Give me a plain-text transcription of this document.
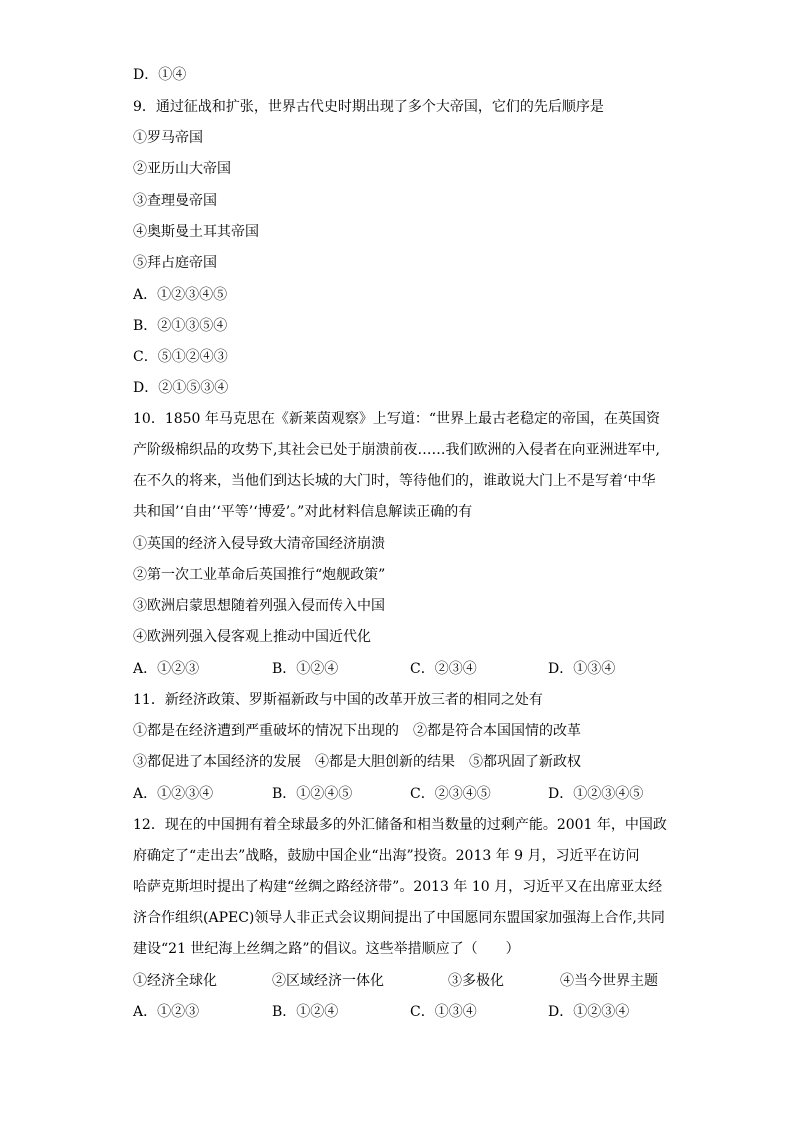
D．①④
9．通过征战和扩张，世界古代史时期出现了多个大帝国，它们的先后顺序是
①罗马帝国
②亚历山大帝国
③查理曼帝国
④奥斯曼土耳其帝国
⑤拜占庭帝国
A．①②③④⑤
B．②①③⑤④
C．⑤①②④③
D．②①⑤③④
10．1850 年马克思在《新莱茵观察》上写道：“世界上最古老稳定的帝国，在英国资
产阶级棉织品的攻势下,其社会已处于崩溃前夜……我们欧洲的入侵者在向亚洲进军中,
在不久的将来，当他们到达长城的大门时，等待他们的，谁敢说大门上不是写着‘中华
共和国’‘自由’‘平等’‘博爱’。”对此材料信息解读正确的有
①英国的经济入侵导致大清帝国经济崩溃
②第一次工业革命后英国推行“炮舰政策”
③欧洲启蒙思想随着列强入侵而传入中国
④欧洲列强入侵客观上推动中国近代化
A．①②③	B．①②④	C．②③④	D．①③④
11．新经济政策、罗斯福新政与中国的改革开放三者的相同之处有
①都是在经济遭到严重破坏的情况下出现的　②都是符合本国国情的改革
③都促进了本国经济的发展　④都是大胆创新的结果　⑤都巩固了新政权
A．①②③④	B．①②④⑤	C．②③④⑤	D．①②③④⑤
12．现在的中国拥有着全球最多的外汇储备和相当数量的过剩产能。2001 年，中国政
府确定了“走出去”战略，鼓励中国企业“出海”投资。2013 年 9 月，习近平在访问
哈萨克斯坦时提出了构建“丝绸之路经济带”。2013 年 10 月，习近平又在出席亚太经
济合作组织(APEC)领导人非正式会议期间提出了中国愿同东盟国家加强海上合作,共同
建设“21 世纪海上丝绸之路”的倡议。这些举措顺应了（　　）
①经济全球化	②区域经济一体化	③多极化	④当今世界主题
A．①②③	B．①②④	C．①③④	D．①②③④
